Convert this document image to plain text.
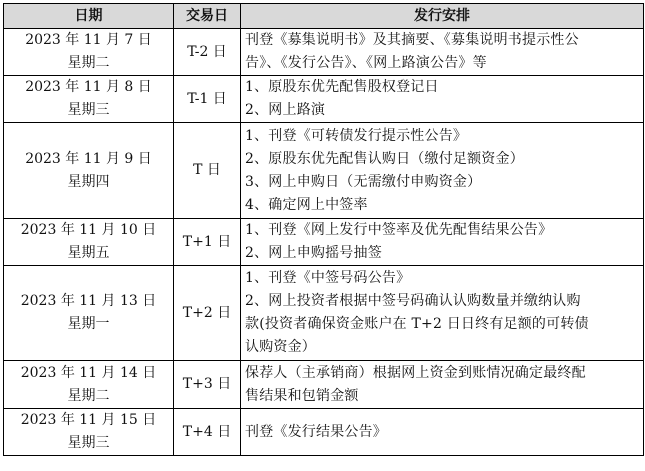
日期	交易日	发行安排

2023 年 11 月 7 日
星期二	T-2 日	刊登《募集说明书》及其摘要、《募集说明书提示性公
告》、《发行公告》、《网上路演公告》等

2023 年 11 月 8 日
星期三	T-1 日	1、原股东优先配售股权登记日
2、网上路演

2023 年 11 月 9 日
星期四	T 日	1、刊登《可转债发行提示性公告》
2、原股东优先配售认购日（缴付足额资金）
3、网上申购日（无需缴付申购资金）
4、确定网上中签率

2023 年 11 月 10 日
星期五	T+1 日	1、刊登《网上发行中签率及优先配售结果公告》
2、网上申购摇号抽签

2023 年 11 月 13 日
星期一	T+2 日	1、刊登《中签号码公告》
2、网上投资者根据中签号码确认认购数量并缴纳认购
款(投资者确保资金账户在 T+2 日日终有足额的可转债
认购资金）

2023 年 11 月 14 日
星期二	T+3 日	保荐人（主承销商）根据网上资金到账情况确定最终配
售结果和包销金额

2023 年 11 月 15 日
星期三	T+4 日	刊登《发行结果公告》
